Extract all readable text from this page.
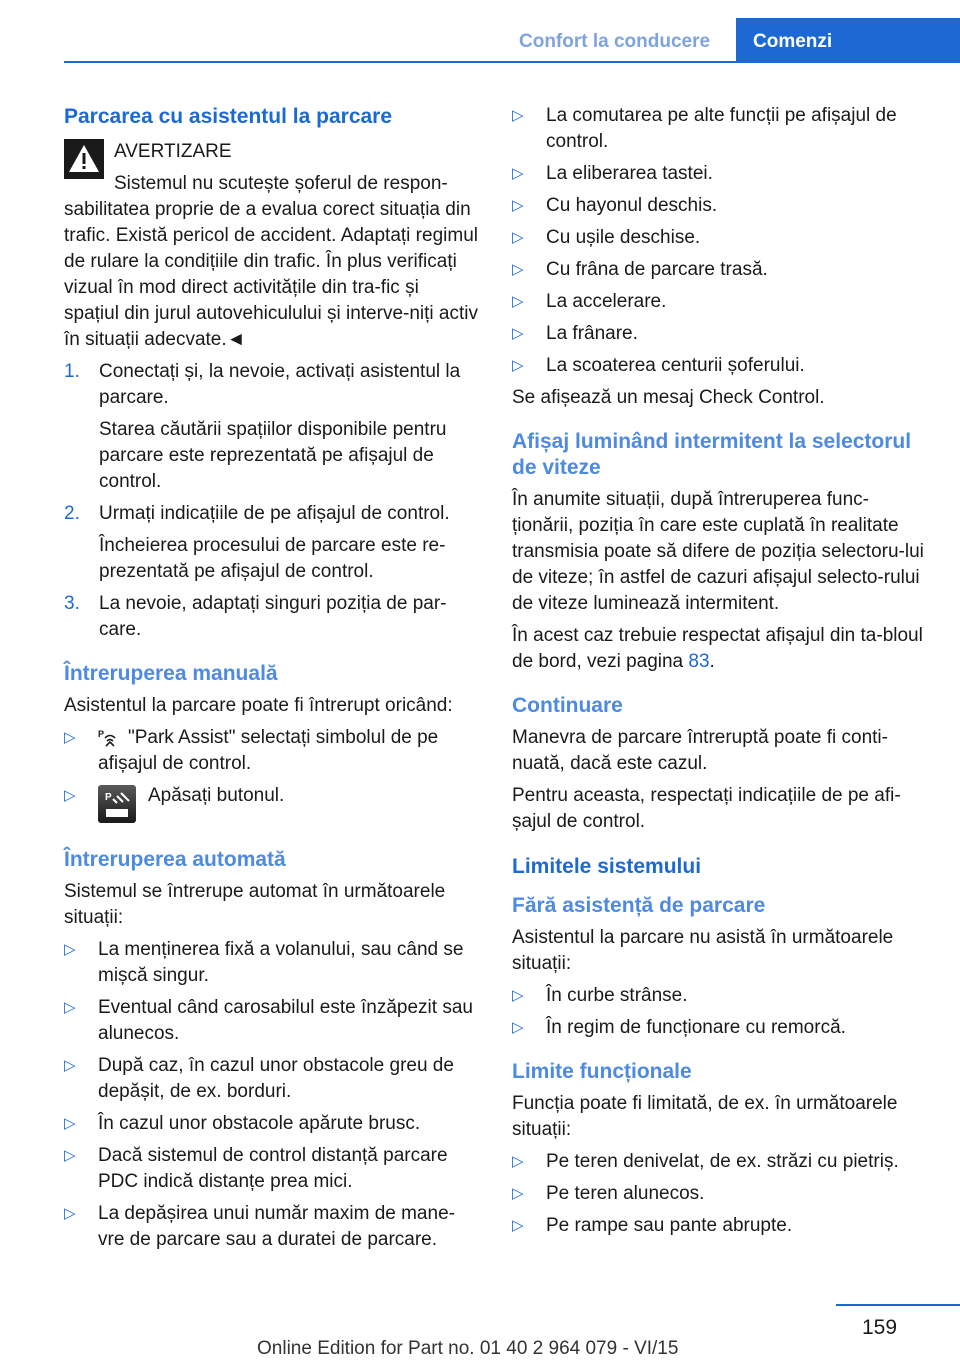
Confort la conducere	Comenzi
Parcarea cu asistentul la parcare

AVERTIZARE

Sistemul nu scutește șoferul de respon-sabilitatea proprie de a evalua corect situația din trafic. Există pericol de accident. Adaptați regimul de rulare la condițiile din trafic. În plus verificați vizual în mod direct activitățile din tra-fic și spațiul din jurul autovehiculului și interve-niți activ în situații adecvate.◄

1. Conectați și, la nevoie, activați asistentul la parcare.

Starea căutării spațiilor disponibile pentru parcare este reprezentată pe afișajul de control.

2. Urmați indicațiile de pe afișajul de control.

Încheierea procesului de parcare este re-prezentată pe afișajul de control.

3. La nevoie, adaptați singuri poziția de par-care.
Întreruperea manuală

Asistentul la parcare poate fi întrerupt oricând:

▷ P "Park Assist" selectați simbolul de pe afișajul de control.
▷	P Apăsați butonul.
Întreruperea automată

Sistemul se întrerupe automat în următoarele situații:

▷ La menținerea fixă a volanului, sau când se mișcă singur.
▷ Eventual când carosabilul este înzăpezit sau alunecos.
▷ După caz, în cazul unor obstacole greu de depășit, de ex. borduri.
▷ În cazul unor obstacole apărute brusc.
▷ Dacă sistemul de control distanță parcare PDC indică distanțe prea mici.
▷ La depășirea unui număr maxim de mane-vre de parcare sau a duratei de parcare.
▷ La comutarea pe alte funcții pe afișajul de control.
▷ La eliberarea tastei.
▷ Cu hayonul deschis.
▷ Cu ușile deschise.
▷ Cu frâna de parcare trasă.
▷ La accelerare.
▷ La frânare.
▷ La scoaterea centurii șoferului.

Se afișează un mesaj Check Control.

Afișaj luminând intermitent la selectorul de viteze

În anumite situații, după întreruperea func-ționării, poziția în care este cuplată în realitate transmisia poate să difere de poziția selectoru-lui de viteze; în astfel de cazuri afișajul selecto-rului de viteze luminează intermitent.

În acest caz trebuie respectat afișajul din ta-bloul de bord, vezi pagina 83.

Continuare

Manevra de parcare întreruptă poate fi conti-nuată, dacă este cazul.

Pentru aceasta, respectați indicațiile de pe afi-șajul de control.

Limitele sistemului
Fără asistență de parcare

Asistentul la parcare nu asistă în următoarele situații:

▷ În curbe strânse.
▷ În regim de funcționare cu remorcă.
Limite funcționale

Funcția poate fi limitată, de ex. în următoarele situații:

▷ Pe teren denivelat, de ex. străzi cu pietriș.
▷ Pe teren alunecos.
▷ Pe rampe sau pante abrupte.
159
Online Edition for Part no. 01 40 2 964 079 - VI/15
